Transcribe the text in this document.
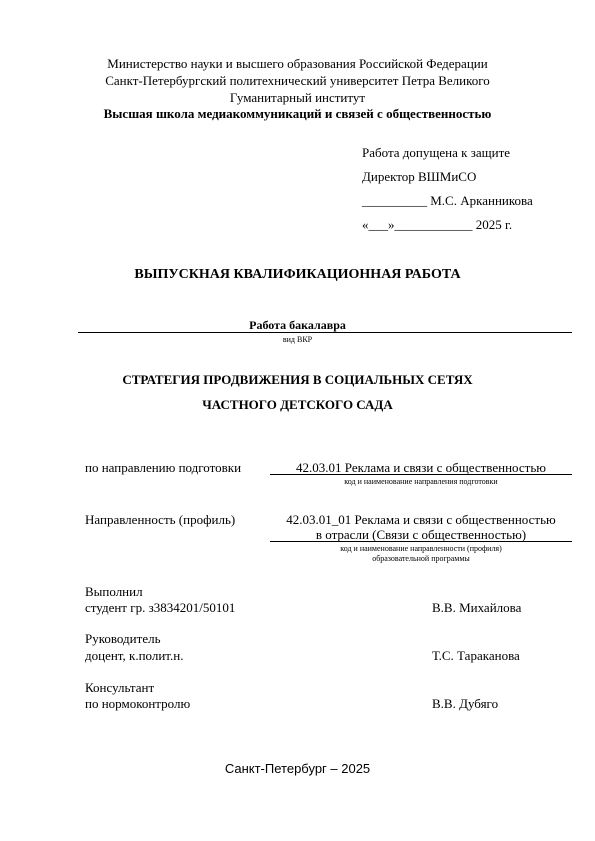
Министерство науки и высшего образования Российской Федерации
Санкт-Петербургский политехнический университет Петра Великого
Гуманитарный институт
Высшая школа медиакоммуникаций и связей с общественностью
Работа допущена к защите
Директор ВШМиСО
__________ М.С. Арканникова
«___»____________ 2025 г.
ВЫПУСКНАЯ КВАЛИФИКАЦИОННАЯ РАБОТА
Работа бакалавра
вид ВКР
СТРАТЕГИЯ ПРОДВИЖЕНИЯ В СОЦИАЛЬНЫХ СЕТЯХ
ЧАСТНОГО ДЕТСКОГО САДА
по направлению подготовки	42.03.01 Реклама и связи с общественностью
код и наименование направления подготовки
Направленность (профиль)	42.03.01_01 Реклама и связи с общественностью
в отрасли (Связи с общественностью)
код и наименование направленности (профиля)
образовательной программы
Выполнил
студент гр. з3834201/50101	В.В. Михайлова
Руководитель
доцент, к.полит.н.	Т.С. Тараканова
Консультант
по нормоконтролю	В.В. Дубяго
Санкт-Петербург – 2025
